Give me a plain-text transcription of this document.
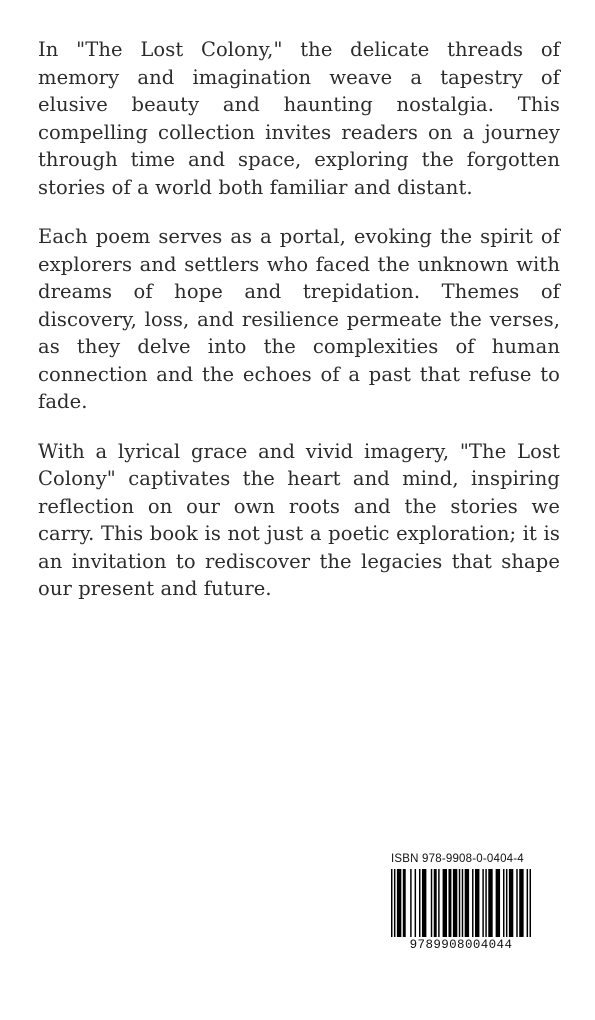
In "The Lost Colony," the delicate threads of memory and imagination weave a tapestry of elusive beauty and haunting nostalgia. This compelling collection invites readers on a journey through time and space, exploring the forgotten stories of a world both familiar and distant.

Each poem serves as a portal, evoking the spirit of explorers and settlers who faced the unknown with dreams of hope and trepidation. Themes of discovery, loss, and resilience permeate the verses, as they delve into the complexities of human connection and the echoes of a past that refuse to fade.

With a lyrical grace and vivid imagery, "The Lost Colony" captivates the heart and mind, inspiring reflection on our own roots and the stories we carry. This book is not just a poetic exploration; it is an invitation to rediscover the legacies that shape our present and future.

ISBN 978-9908-0-0404-4
9789908004044
